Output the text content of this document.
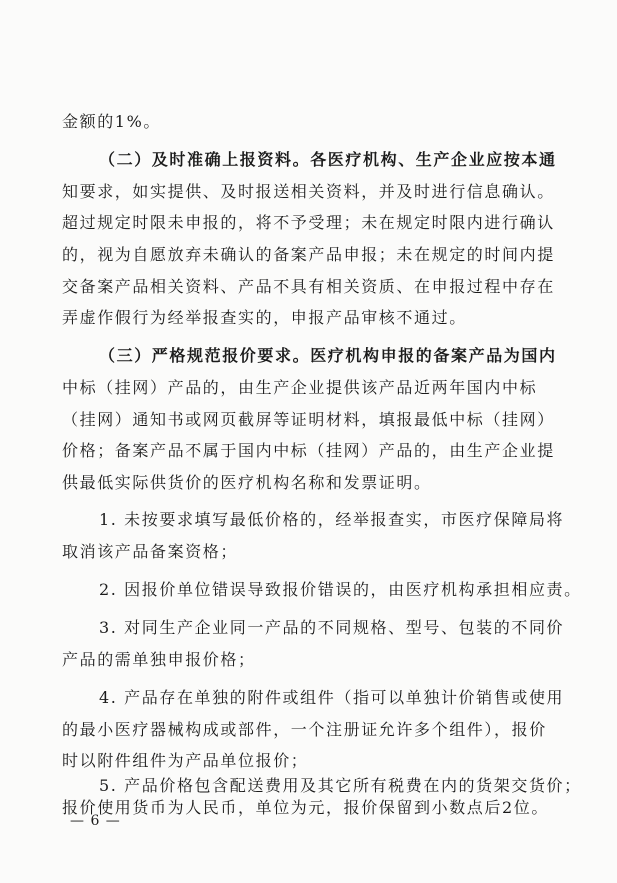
金额的1%。
（二）及时准确上报资料。各医疗机构、生产企业应按本通
知要求，如实提供、及时报送相关资料，并及时进行信息确认。
超过规定时限未申报的，将不予受理；未在规定时限内进行确认
的，视为自愿放弃未确认的备案产品申报；未在规定的时间内提
交备案产品相关资料、产品不具有相关资质、在申报过程中存在
弄虚作假行为经举报查实的，申报产品审核不通过。
（三）严格规范报价要求。医疗机构申报的备案产品为国内
中标（挂网）产品的，由生产企业提供该产品近两年国内中标
（挂网）通知书或网页截屏等证明材料，填报最低中标（挂网）
价格；备案产品不属于国内中标（挂网）产品的，由生产企业提
供最低实际供货价的医疗机构名称和发票证明。
1. 未按要求填写最低价格的，经举报查实，市医疗保障局将
取消该产品备案资格；
2. 因报价单位错误导致报价错误的，由医疗机构承担相应责。
3. 对同生产企业同一产品的不同规格、型号、包装的不同价
产品的需单独申报价格；
4. 产品存在单独的附件或组件（指可以单独计价销售或使用
的最小医疗器械构成或部件，一个注册证允许多个组件），报价
时以附件组件为产品单位报价；
5. 产品价格包含配送费用及其它所有税费在内的货架交货价；
报价使用货币为人民币，单位为元，报价保留到小数点后2位。
— 6 —
